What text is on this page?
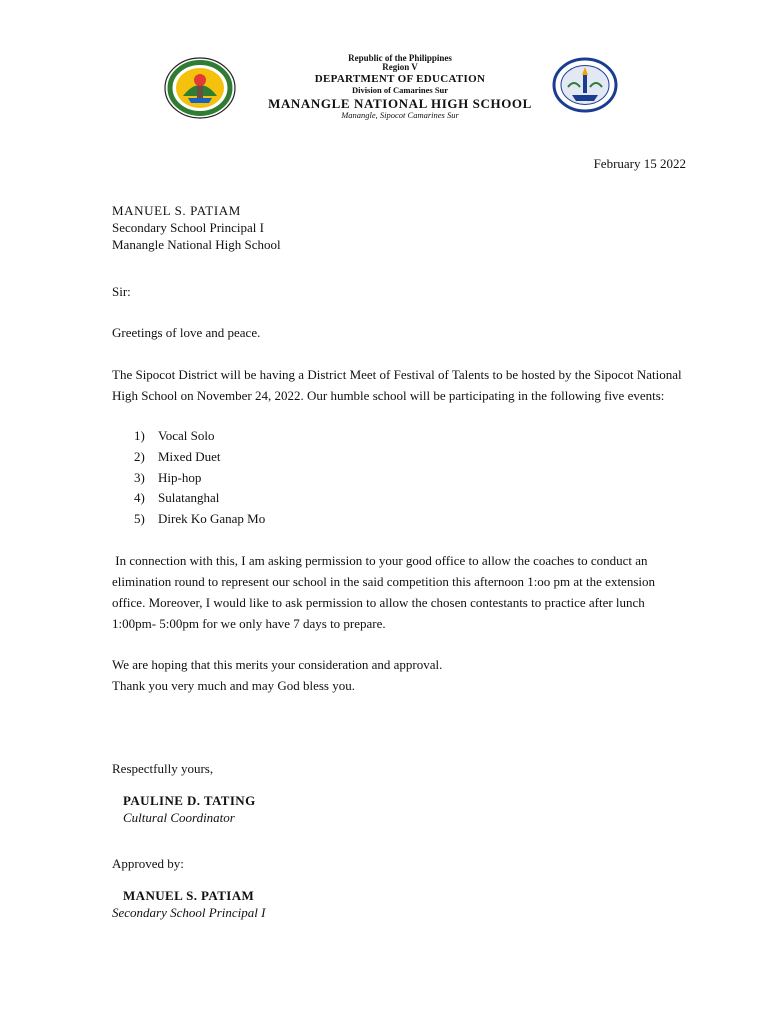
Republic of the Philippines
Region V
DEPARTMENT OF EDUCATION
Division of Camarines Sur
MANANGLE NATIONAL HIGH SCHOOL
Manangle, Sipocot Camarines Sur
February 15 2022
MANUEL S. PATIAM
Secondary School Principal I
Manangle National High School
Sir:
Greetings of love and peace.
The Sipocot District will be having a District Meet of Festival of Talents to be hosted by the Sipocot National High School on November 24, 2022. Our humble school will be participating in the following five events:
1)	Vocal Solo
2)	Mixed Duet
3)	Hip-hop
4)	Sulatanghal
5)	Direk Ko Ganap Mo
In connection with this, I am asking permission to your good office to allow the coaches to conduct an elimination round to represent our school in the said competition this afternoon 1:oo pm at the extension office. Moreover, I would like to ask permission to allow the chosen contestants to practice after lunch 1:00pm- 5:00pm for we only have 7 days to prepare.
We are hoping that this merits your consideration and approval.
Thank you very much and may God bless you.
Respectfully yours,
PAULINE D. TATING
Cultural Coordinator
Approved by:
MANUEL S. PATIAM
Secondary School Principal I
